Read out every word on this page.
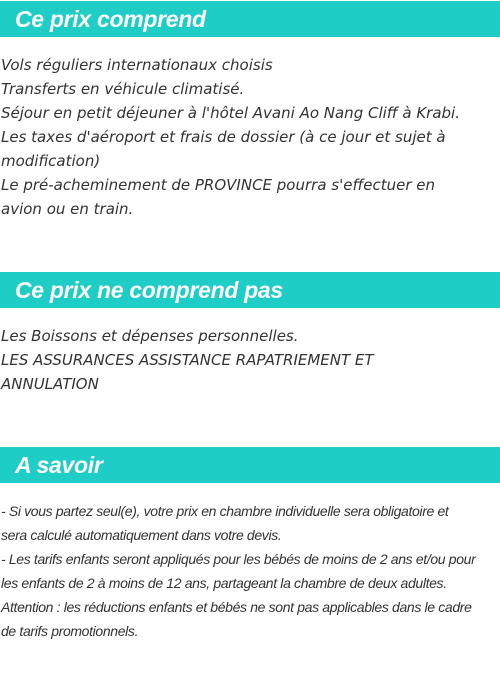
Ce prix comprend
Vols réguliers internationaux choisis
Transferts en véhicule climatisé.
Séjour en petit déjeuner à l'hôtel Avani Ao Nang Cliff à Krabi.
Les taxes d'aéroport et frais de dossier (à ce jour et sujet à
modification)
Le pré-acheminement de PROVINCE pourra s'effectuer en
avion ou en train.
Ce prix ne comprend pas
Les Boissons et dépenses personnelles.
LES ASSURANCES ASSISTANCE RAPATRIEMENT ET
ANNULATION
A savoir
- Si vous partez seul(e), votre prix en chambre individuelle sera obligatoire et
sera calculé automatiquement dans votre devis.
- Les tarifs enfants seront appliqués pour les bébés de moins de 2 ans et/ou pour
les enfants de 2 à moins de 12 ans, partageant la chambre de deux adultes.
Attention : les réductions enfants et bébés ne sont pas applicables dans le cadre
de tarifs promotionnels.
